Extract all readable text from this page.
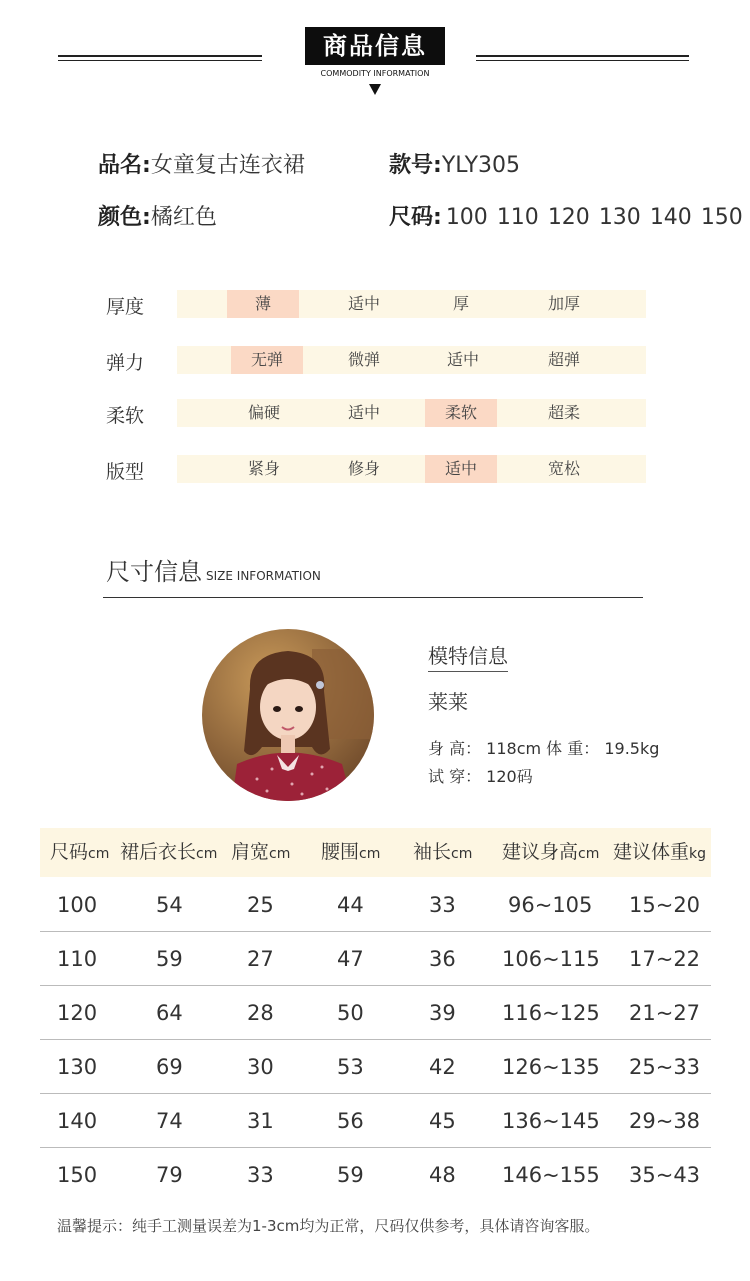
商品信息
COMMODITY INFORMATION
品名:女童复古连衣裙	款号:YLY305
颜色:橘红色	尺码: 100 110 120 130 140 150
厚度	薄	适中	厚	加厚
弹力	无弹	微弹	适中	超弹
柔软	偏硬	适中	柔软	超柔
版型	紧身	修身	适中	宽松
尺寸信息 SIZE INFORMATION
模特信息
莱莱
身 高： 118cm 体 重： 19.5kg
试 穿： 120码
尺码cm 裙后衣长cm 肩宽cm 腰围cm 袖长cm 建议身高cm 建议体重kg
100	54	25	44	33 96~105 15~20
110	59	27	47	36 106~115 17~22
120	64	28	50	39 116~125 21~27
130	69	30	53	42 126~135 25~33
140	74	31	56	45 136~145 29~38
150	79	33	59	48 146~155 35~43
温馨提示：纯手工测量误差为1-3cm均为正常，尺码仅供参考，具体请咨询客服。
